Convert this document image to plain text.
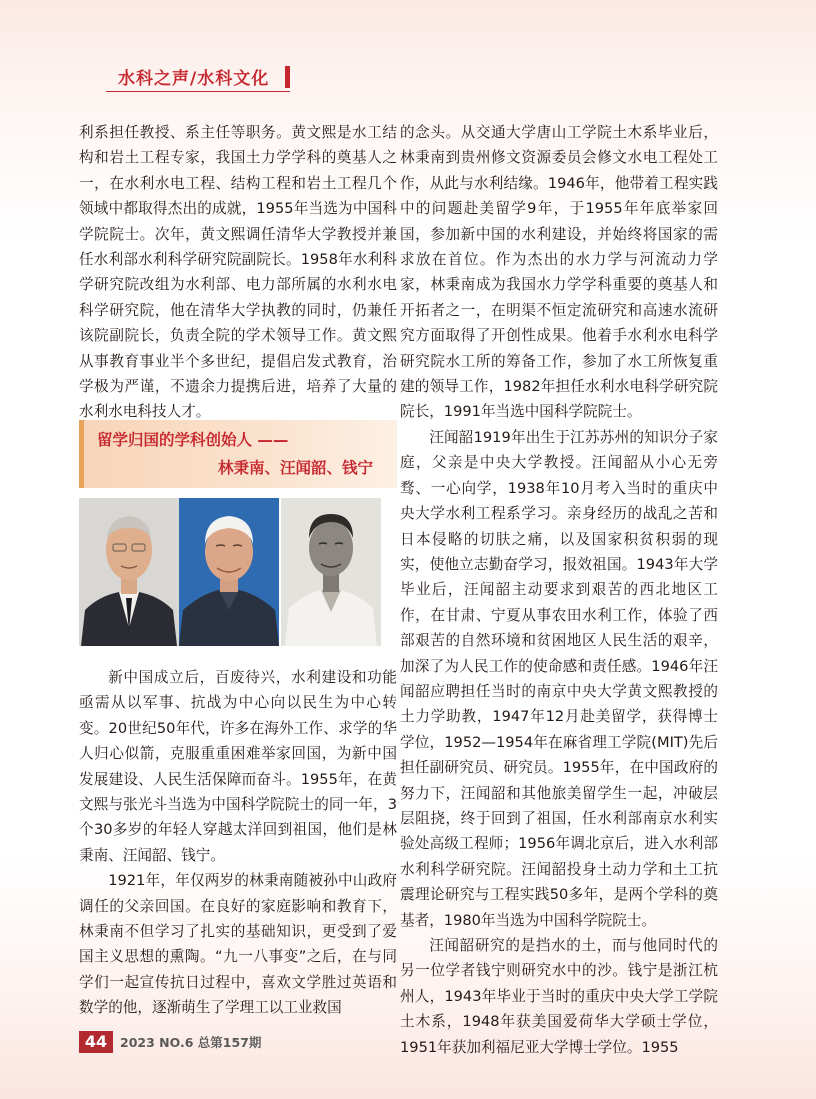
水科之声/水科文化

利系担任教授、系主任等职务。黄文熙是水工结构和岩土工程专家，我国土力学学科的奠基人之一，在水利水电工程、结构工程和岩土工程几个领域中都取得杰出的成就，1955年当选为中国科学院院士。次年，黄文熙调任清华大学教授并兼任水利部水利科学研究院副院长。1958年水利科学研究院改组为水利部、电力部所属的水利水电科学研究院，他在清华大学执教的同时，仍兼任该院副院长，负责全院的学术领导工作。黄文熙从事教育事业半个多世纪，提倡启发式教育，治学极为严谨，不遗余力提携后进，培养了大量的水利水电科技人才。

留学归国的学科创始人 ——
林秉南、汪闻韶、钱宁

新中国成立后，百废待兴，水利建设和功能亟需从以军事、抗战为中心向以民生为中心转变。20世纪50年代，许多在海外工作、求学的华人归心似箭，克服重重困难举家回国，为新中国发展建设、人民生活保障而奋斗。1955年，在黄文熙与张光斗当选为中国科学院院士的同一年，3个30多岁的年轻人穿越太洋回到祖国，他们是林秉南、汪闻韶、钱宁。

1921年，年仅两岁的林秉南随被孙中山政府调任的父亲回国。在良好的家庭影响和教育下，林秉南不但学习了扎实的基础知识，更受到了爱国主义思想的熏陶。“九一八事变”之后，在与同学们一起宣传抗日过程中，喜欢文学胜过英语和数学的他，逐渐萌生了学理工以工业救国

的念头。从交通大学唐山工学院土木系毕业后，林秉南到贵州修文资源委员会修文水电工程处工作，从此与水利结缘。1946年，他带着工程实践中的问题赴美留学9年，于1955年年底举家回国，参加新中国的水利建设，并始终将国家的需求放在首位。作为杰出的水力学与河流动力学家，林秉南成为我国水力学学科重要的奠基人和开拓者之一，在明渠不恒定流研究和高速水流研究方面取得了开创性成果。他着手水利水电科学研究院水工所的筹备工作，参加了水工所恢复重建的领导工作，1982年担任水利水电科学研究院院长，1991年当选中国科学院院士。

汪闻韶1919年出生于江苏苏州的知识分子家庭，父亲是中央大学教授。汪闻韶从小心无旁骛、一心向学，1938年10月考入当时的重庆中央大学水利工程系学习。亲身经历的战乱之苦和日本侵略的切肤之痛，以及国家积贫积弱的现实，使他立志勤奋学习，报效祖国。1943年大学毕业后，汪闻韶主动要求到艰苦的西北地区工作，在甘肃、宁夏从事农田水利工作，体验了西部艰苦的自然环境和贫困地区人民生活的艰辛，加深了为人民工作的使命感和责任感。1946年汪闻韶应聘担任当时的南京中央大学黄文熙教授的土力学助教，1947年12月赴美留学，获得博士学位，1952—1954年在麻省理工学院(MIT)先后担任副研究员、研究员。1955年，在中国政府的努力下，汪闻韶和其他旅美留学生一起，冲破层层阻挠，终于回到了祖国，任水利部南京水利实验处高级工程师；1956年调北京后，进入水利部水利科学研究院。汪闻韶投身土动力学和土工抗震理论研究与工程实践50多年，是两个学科的奠基者，1980年当选为中国科学院院士。

汪闻韶研究的是挡水的土，而与他同时代的另一位学者钱宁则研究水中的沙。钱宁是浙江杭州人，1943年毕业于当时的重庆中央大学工学院土木系，1948年获美国爱荷华大学硕士学位，1951年获加利福尼亚大学博士学位。1955

44	2023 NO.6 总第157期
